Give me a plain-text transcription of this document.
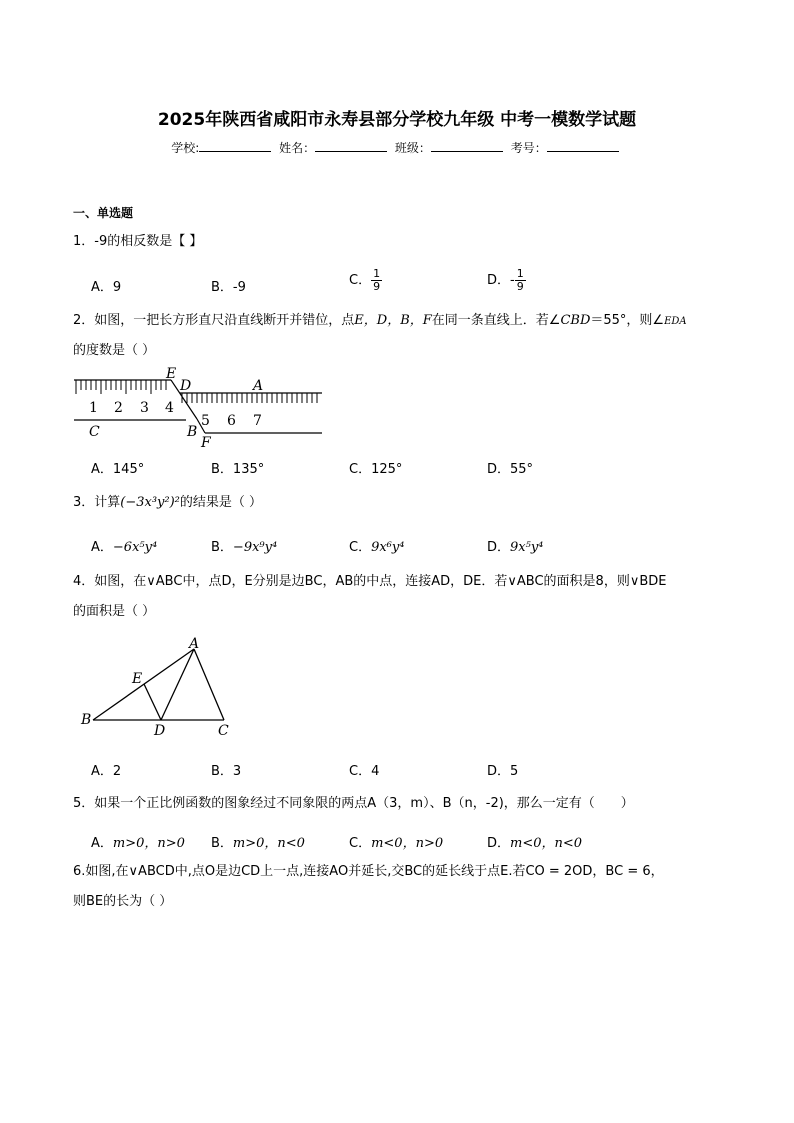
2025年陕西省咸阳市永寿县部分学校九年级 中考一模数学试题
学校:	姓名：	班级：	考号：
一、单选题
1．-9的相反数是【 】
A．9	B．-9	C． $\frac{1}{9}$	D．- $\frac{1}{9}$
2．如图，一把长方形直尺沿直线断开并错位，点E，D，B，F在同一条直线上．若∠CBD＝55°，则∠EDA
的度数是（ ）
1 2 3 4
5 6 7
E
D	A
C	B
F
A．145°	B．135°	C．125°	D．55°
3．计算(−3x³y²)²的结果是（ ）
A．−6x⁵y⁴	B．−9x⁹y⁴	C．9x⁶y⁴	D．9x⁵y⁴
4．如图，在∨ABC中，点D，E分别是边BC，AB的中点，连接AD，DE．若∨ABC的面积是8，则∨BDE
的面积是（ ）
A
E
B
D	C
A．2	B．3	C．4	D．5
5．如果一个正比例函数的图象经过不同象限的两点A（3，m）、B（n，-2)，那么一定有（　　）
A．m>0，n>0 B．m>0，n<0	C．m<0，n>0	D．m<0，n<0
6.如图,在∨ABCD中,点O是边CD上一点,连接AO并延长,交BC的延长线于点E.若CO = 2OD，BC = 6，
则BE的长为（ ）
